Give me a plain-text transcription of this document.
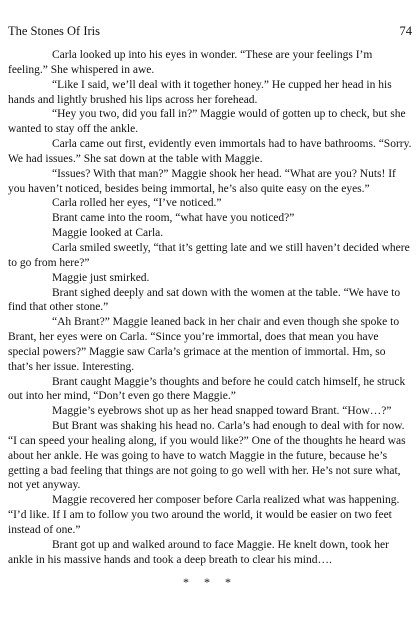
The Stones Of Iris	74

Carla looked up into his eyes in wonder. “These are your feelings I’m feeling.” She whispered in awe.

“Like I said, we’ll deal with it together honey.” He cupped her head in his hands and lightly brushed his lips across her forehead.

“Hey you two, did you fall in?” Maggie would of gotten up to check, but she wanted to stay off the ankle.

Carla came out first, evidently even immortals had to have bathrooms. “Sorry. We had issues.” She sat down at the table with Maggie.

“Issues? With that man?” Maggie shook her head. “What are you? Nuts! If you haven’t noticed, besides being immortal, he’s also quite easy on the eyes.”

Carla rolled her eyes, “I’ve noticed.”

Brant came into the room, “what have you noticed?”

Maggie looked at Carla.

Carla smiled sweetly, “that it’s getting late and we still haven’t decided where to go from here?”

Maggie just smirked.

Brant sighed deeply and sat down with the women at the table. “We have to find that other stone.”

“Ah Brant?” Maggie leaned back in her chair and even though she spoke to Brant, her eyes were on Carla. “Since you’re immortal, does that mean you have special powers?” Maggie saw Carla’s grimace at the mention of immortal. Hm, so that’s her issue. Interesting.

Brant caught Maggie’s thoughts and before he could catch himself, he struck out into her mind, “Don’t even go there Maggie.”

Maggie’s eyebrows shot up as her head snapped toward Brant. “How…?”

But Brant was shaking his head no. Carla’s had enough to deal with for now. “I can speed your healing along, if you would like?” One of the thoughts he heard was about her ankle. He was going to have to watch Maggie in the future, because he’s getting a bad feeling that things are not going to go well with her. He’s not sure what, not yet anyway.

Maggie recovered her composer before Carla realized what was happening. “I’d like. If I am to follow you two around the world, it would be easier on two feet instead of one.”

Brant got up and walked around to face Maggie. He knelt down, took her ankle in his massive hands and took a deep breath to clear his mind….

* * *
